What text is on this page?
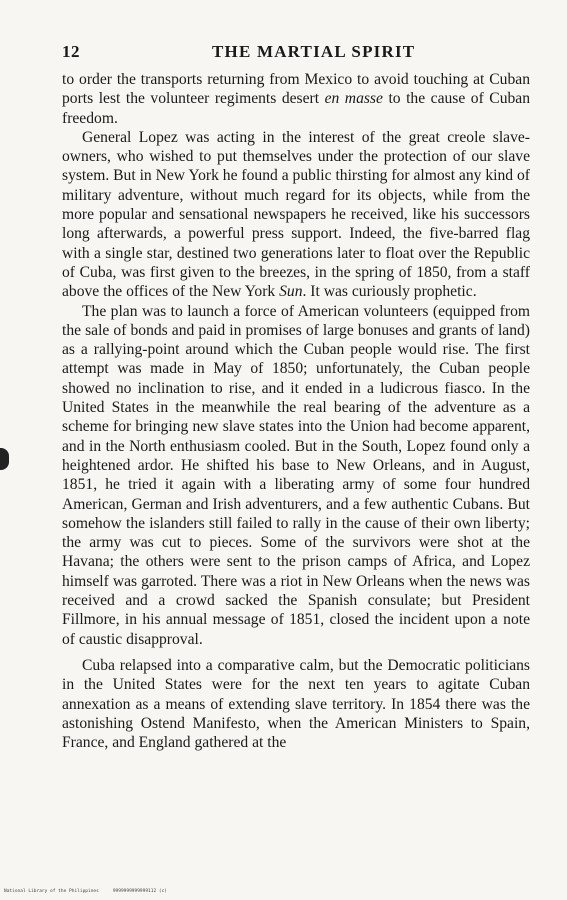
12	THE MARTIAL SPIRIT

to order the transports returning from Mexico to avoid touching at Cuban ports lest the volunteer regiments desert en masse to the cause of Cuban freedom.

General Lopez was acting in the interest of the great creole slave-owners, who wished to put themselves under the protection of our slave system. But in New York he found a public thirsting for almost any kind of military adventure, without much regard for its objects, while from the more popular and sensational newspapers he received, like his successors long afterwards, a powerful press support. Indeed, the five-barred flag with a single star, destined two generations later to float over the Republic of Cuba, was first given to the breezes, in the spring of 1850, from a staff above the offices of the New York Sun. It was curiously prophetic.

The plan was to launch a force of American volunteers (equipped from the sale of bonds and paid in promises of large bonuses and grants of land) as a rallying-point around which the Cuban people would rise. The first attempt was made in May of 1850; unfortunately, the Cuban people showed no inclination to rise, and it ended in a ludicrous fiasco. In the United States in the meanwhile the real bearing of the adventure as a scheme for bringing new slave states into the Union had become apparent, and in the North enthusiasm cooled. But in the South, Lopez found only a heightened ardor. He shifted his base to New Orleans, and in August, 1851, he tried it again with a liberating army of some four hundred American, German and Irish adventurers, and a few authentic Cubans. But somehow the islanders still failed to rally in the cause of their own liberty; the army was cut to pieces. Some of the survivors were shot at the Havana; the others were sent to the prison camps of Africa, and Lopez himself was garroted. There was a riot in New Orleans when the news was received and a crowd sacked the Spanish consulate; but President Fillmore, in his annual message of 1851, closed the incident upon a note of caustic disapproval.

Cuba relapsed into a comparative calm, but the Democratic politicians in the United States were for the next ten years to agitate Cuban annexation as a means of extending slave territory. In 1854 there was the astonishing Ostend Manifesto, when the American Ministers to Spain, France, and England gathered at the

National Library of the Philippines	9999999999999112 (c)
